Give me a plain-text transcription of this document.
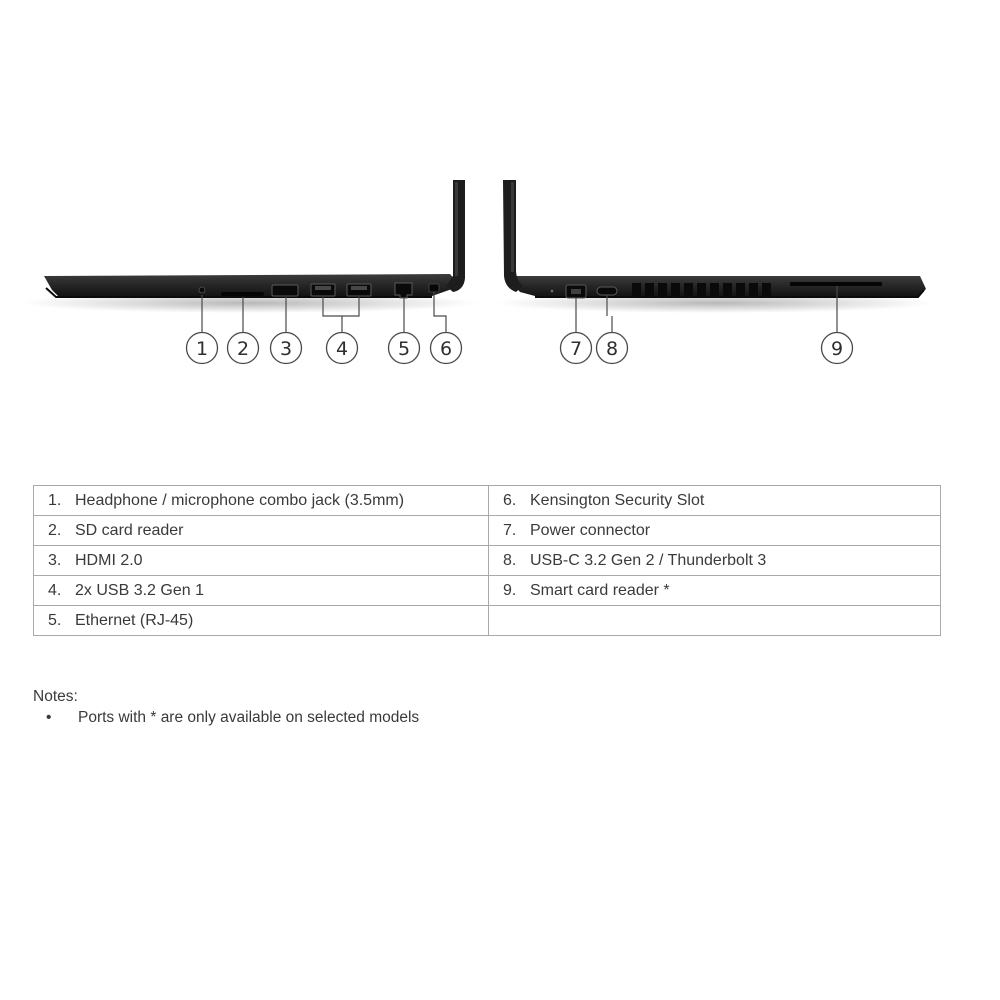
1 2 3 4	5 6	7 8	9
1. Headphone / microphone combo jack (3.5mm)	6. Kensington Security Slot
2. SD card reader	7. Power connector
3. HDMI 2.0	8. USB-C 3.2 Gen 2 / Thunderbolt 3
4. 2x USB 3.2 Gen 1	9. Smart card reader *
5. Ethernet (RJ-45)	
Notes:
• Ports with * are only available on selected models
